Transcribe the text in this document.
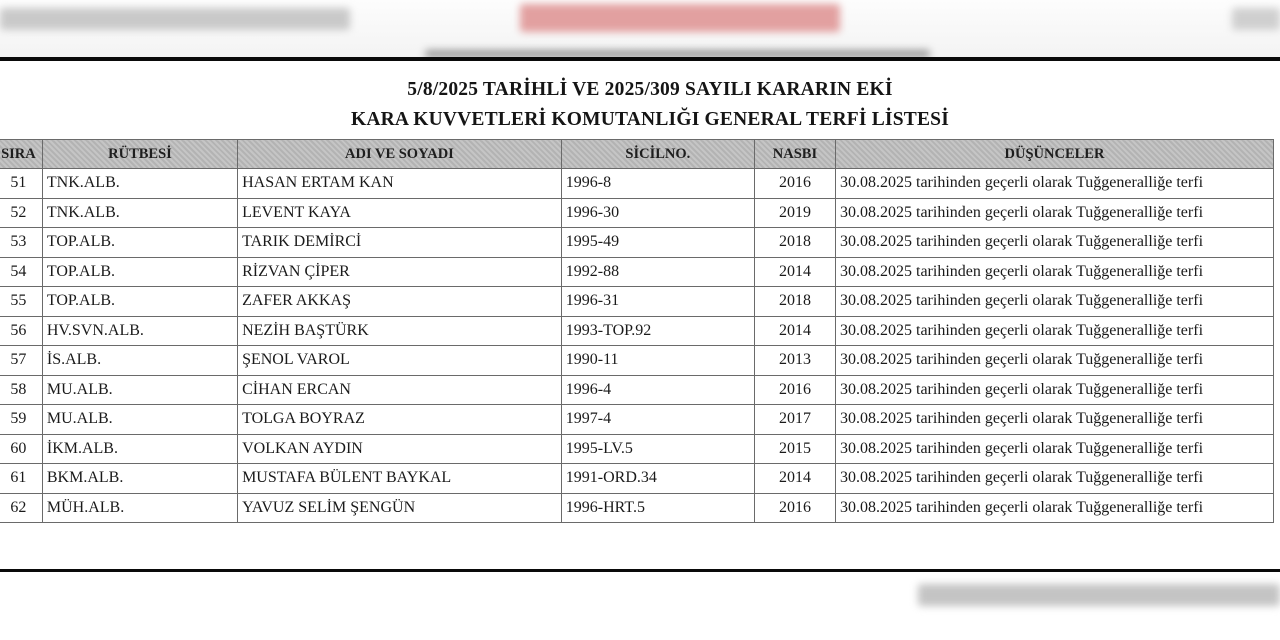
5/8/2025 TARİHLİ VE 2025/309 SAYILI KARARIN EKİ
KARA KUVVETLERİ KOMUTANLIĞI GENERAL TERFİ LİSTESİ
SIRA	RÜTBESİ	ADI VE SOYADI	SİCİLNO.	NASBI	DÜŞÜNCELER
51	TNK.ALB.	HASAN ERTAM KAN	1996-8	2016	30.08.2025 tarihinden geçerli olarak Tuğgeneralliğe terfi
52	TNK.ALB.	LEVENT KAYA	1996-30	2019	30.08.2025 tarihinden geçerli olarak Tuğgeneralliğe terfi
53	TOP.ALB.	TARIK DEMİRCİ	1995-49	2018	30.08.2025 tarihinden geçerli olarak Tuğgeneralliğe terfi
54	TOP.ALB.	RİZVAN ÇİPER	1992-88	2014	30.08.2025 tarihinden geçerli olarak Tuğgeneralliğe terfi
55	TOP.ALB.	ZAFER AKKAŞ	1996-31	2018	30.08.2025 tarihinden geçerli olarak Tuğgeneralliğe terfi
56	HV.SVN.ALB.	NEZİH BAŞTÜRK	1993-TOP.92	2014	30.08.2025 tarihinden geçerli olarak Tuğgeneralliğe terfi
57	İS.ALB.	ŞENOL VAROL	1990-11	2013	30.08.2025 tarihinden geçerli olarak Tuğgeneralliğe terfi
58	MU.ALB.	CİHAN ERCAN	1996-4	2016	30.08.2025 tarihinden geçerli olarak Tuğgeneralliğe terfi
59	MU.ALB.	TOLGA BOYRAZ	1997-4	2017	30.08.2025 tarihinden geçerli olarak Tuğgeneralliğe terfi
60	İKM.ALB.	VOLKAN AYDIN	1995-LV.5	2015	30.08.2025 tarihinden geçerli olarak Tuğgeneralliğe terfi
61	BKM.ALB.	MUSTAFA BÜLENT BAYKAL	1991-ORD.34	2014	30.08.2025 tarihinden geçerli olarak Tuğgeneralliğe terfi
62	MÜH.ALB.	YAVUZ SELİM ŞENGÜN	1996-HRT.5	2016	30.08.2025 tarihinden geçerli olarak Tuğgeneralliğe terfi
